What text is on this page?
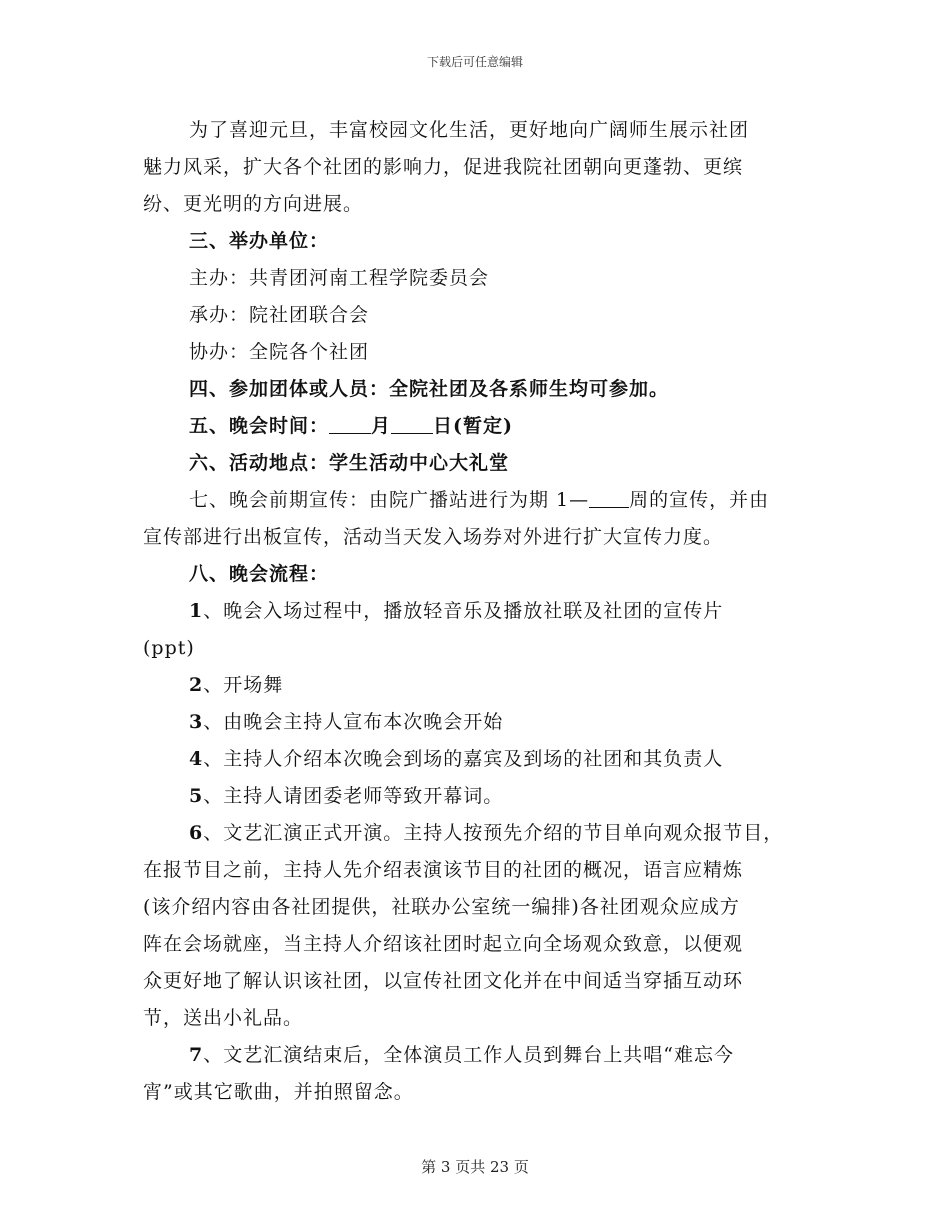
下载后可任意编辑

为了喜迎元旦，丰富校园文化生活，更好地向广阔师生展示社团

魅力风采，扩大各个社团的影响力，促进我院社团朝向更蓬勃、更缤

纷、更光明的方向进展。

三、举办单位：

主办：共青团河南工程学院委员会

承办：院社团联合会

协办：全院各个社团

四、参加团体或人员：全院社团及各系师生均可参加。

五、晚会时间： 月 日(暂定)

六、活动地点：学生活动中心大礼堂

七、晚会前期宣传：由院广播站进行为期 1— 周的宣传，并由

宣传部进行出板宣传，活动当天发入场券对外进行扩大宣传力度。

八、晚会流程：

1、晚会入场过程中，播放轻音乐及播放社联及社团的宣传片

(ppt)

2、开场舞

3、由晚会主持人宣布本次晚会开始

4、主持人介绍本次晚会到场的嘉宾及到场的社团和其负责人

5、主持人请团委老师等致开幕词。

6、文艺汇演正式开演。主持人按预先介绍的节目单向观众报节目，

在报节目之前，主持人先介绍表演该节目的社团的概况，语言应精炼

(该介绍内容由各社团提供，社联办公室统一编排)各社团观众应成方

阵在会场就座，当主持人介绍该社团时起立向全场观众致意，以便观

众更好地了解认识该社团，以宣传社团文化并在中间适当穿插互动环

节，送出小礼品。

7、文艺汇演结束后，全体演员工作人员到舞台上共唱“难忘今

宵”或其它歌曲，并拍照留念。

第 3 页共 23 页
